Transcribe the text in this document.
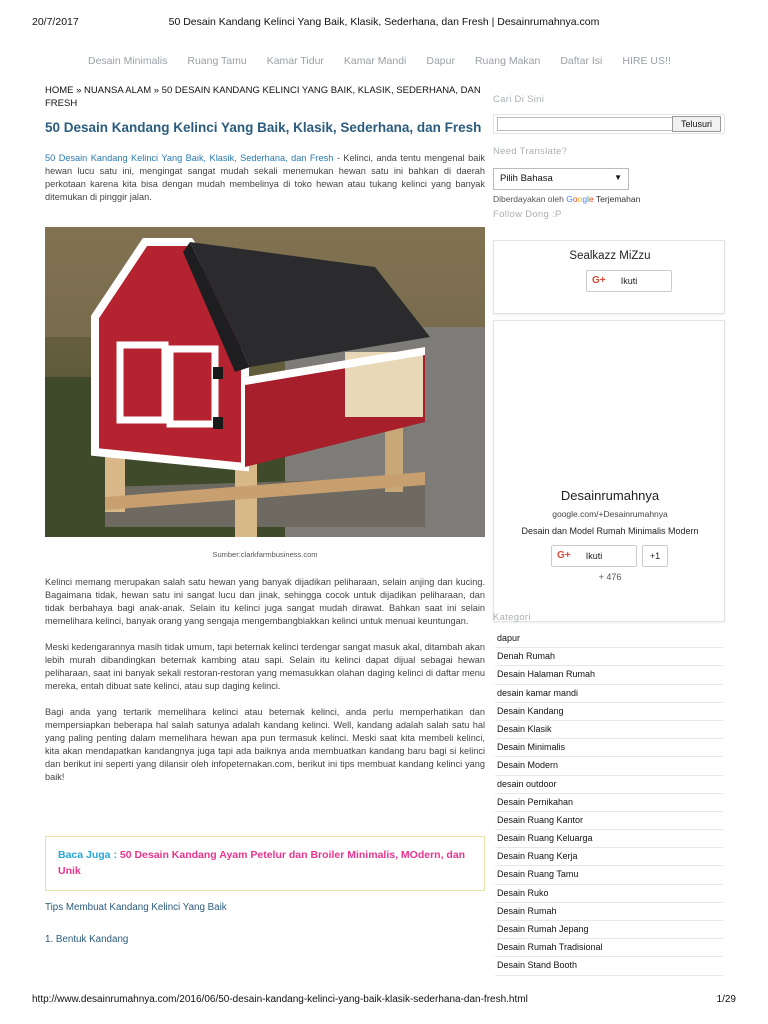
20/7/2017	50 Desain Kandang Kelinci Yang Baik, Klasik, Sederhana, dan Fresh | Desainrumahnya.com
Desain Minimalis Ruang Tamu Kamar Tidur Kamar Mandi Dapur Ruang Makan Daftar Isi HIRE US!!
HOME » NUANSA ALAM » 50 DESAIN KANDANG KELINCI YANG BAIK, KLASIK, SEDERHANA, DAN FRESH
50 Desain Kandang Kelinci Yang Baik, Klasik, Sederhana, dan Fresh

50 Desain Kandang Kelinci Yang Baik, Klasik, Sederhana, dan Fresh - Kelinci, anda tentu mengenal baik hewan lucu satu ini, mengingat sangat mudah sekali menemukan hewan satu ini bahkan di daerah perkotaan karena kita bisa dengan mudah membelinya di toko hewan atau tukang kelinci yang banyak ditemukan di pinggir jalan.

Sumber:clarkfarmbusiness.com

Kelinci memang merupakan salah satu hewan yang banyak dijadikan peliharaan, selain anjing dan kucing. Bagaimana tidak, hewan satu ini sangat lucu dan jinak, sehingga cocok untuk dijadikan peliharaan, dan tidak berbahaya bagi anak-anak. Selain itu kelinci juga sangat mudah dirawat. Bahkan saat ini selain memelihara kelinci, banyak orang yang sengaja mengembangbiakkan kelinci untuk menuai keuntungan.

Meski kedengarannya masih tidak umum, tapi beternak kelinci terdengar sangat masuk akal, ditambah akan lebih murah dibandingkan beternak kambing atau sapi. Selain itu kelinci dapat dijual sebagai hewan peliharaan, saat ini banyak sekali restoran-restoran yang memasukkan olahan daging kelinci di daftar menu mereka, entah dibuat sate kelinci, atau sup daging kelinci.

Bagi anda yang tertarik memelihara kelinci atau beternak kelinci, anda perlu memperhatikan dan mempersiapkan beberapa hal salah satunya adalah kandang kelinci. Well, kandang adalah salah satu hal yang paling penting dalam memelihara hewan apa pun termasuk kelinci. Meski saat kita membeli kelinci, kita akan mendapatkan kandangnya juga tapi ada baiknya anda membuatkan kandang baru bagi si kelinci dan berikut ini seperti yang dilansir oleh infopeternakan.com, berikut ini tips membuat kandang kelinci yang baik!

Baca Juga : 50 Desain Kandang Ayam Petelur dan Broiler Minimalis, MOdern, dan Unik
Tips Membuat Kandang Kelinci Yang Baik
1. Bentuk Kandang
Cari Di Sini
Telusuri
Need Translate?
Pilih Bahasa	▼
Diberdayakan oleh Google Terjemahan
Follow Dong :P
Sealkazz MiZzu
G+	Ikuti
Desainrumahnya
google.com/+Desainrumahnya
Desain dan Model Rumah Minimalis Modern
G+	Ikuti	+1
+ 476
Kategori
dapur
Denah Rumah
Desain Halaman Rumah
desain kamar mandi
Desain Kandang
Desain Klasik
Desain Minimalis
Desain Modern
desain outdoor
Desain Pernikahan
Desain Ruang Kantor
Desain Ruang Keluarga
Desain Ruang Kerja
Desain Ruang Tamu
Desain Ruko
Desain Rumah
Desain Rumah Jepang
Desain Rumah Tradisional
Desain Stand Booth
http://www.desainrumahnya.com/2016/06/50-desain-kandang-kelinci-yang-baik-klasik-sederhana-dan-fresh.html	1/29
